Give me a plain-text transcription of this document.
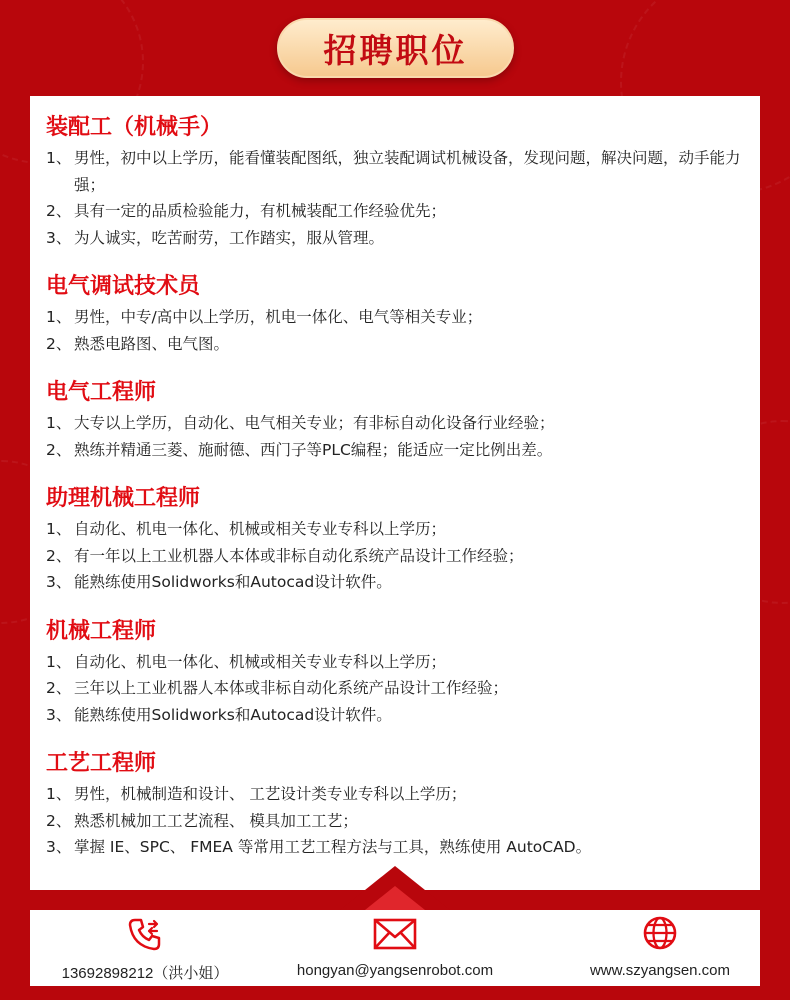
招聘职位
装配工（机械手）
1、 男性，初中以上学历，能看懂装配图纸，独立装配调试机械设备，发现问题，解决问题，动手能力强；
2、 具有一定的品质检验能力，有机械装配工作经验优先；
3、 为人诚实，吃苦耐劳，工作踏实，服从管理。
电气调试技术员
1、 男性，中专/高中以上学历，机电一体化、电气等相关专业；
2、 熟悉电路图、电气图。
电气工程师
1、 大专以上学历，自动化、电气相关专业；有非标自动化设备行业经验；
2、 熟练并精通三菱、施耐德、西门子等PLC编程；能适应一定比例出差。
助理机械工程师
1、 自动化、机电一体化、机械或相关专业专科以上学历；
2、 有一年以上工业机器人本体或非标自动化系统产品设计工作经验；
3、 能熟练使用Solidworks和Autocad设计软件。
机械工程师
1、 自动化、机电一体化、机械或相关专业专科以上学历；
2、 三年以上工业机器人本体或非标自动化系统产品设计工作经验；
3、 能熟练使用Solidworks和Autocad设计软件。
工艺工程师
1、 男性，机械制造和设计、 工艺设计类专业专科以上学历；
2、 熟悉机械加工工艺流程、 模具加工工艺；
3、 掌握 IE、SPC、 FMEA 等常用工艺工程方法与工具，熟练使用 AutoCAD。
13692898212（洪小姐）	hongyan@yangsenrobot.com	www.szyangsen.com
